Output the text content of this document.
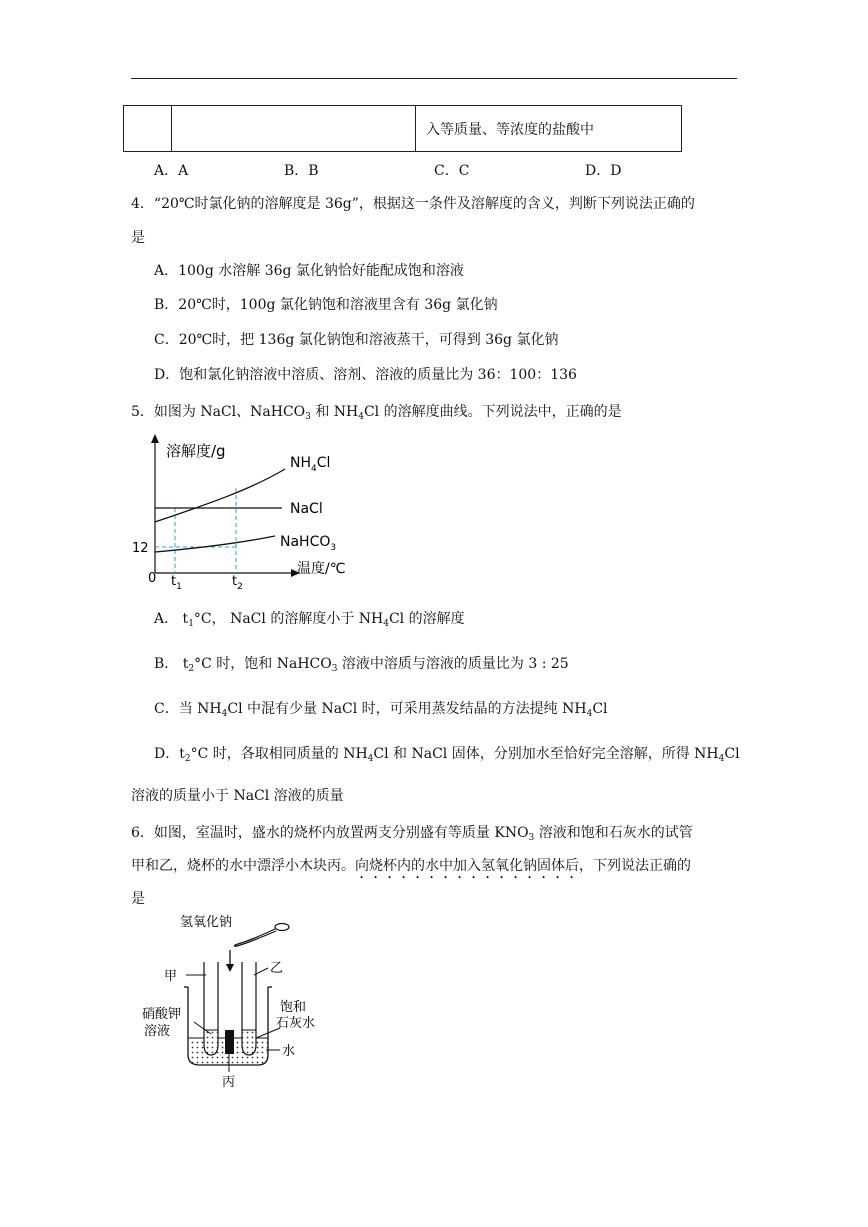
		入等质量、等浓度的盐酸中
A．A	B．B	C．C	D．D
4．“20℃时氯化钠的溶解度是 36g”，根据这一条件及溶解度的含义，判断下列说法正确的
是
A．100g 水溶解 36g 氯化钠恰好能配成饱和溶液
B．20℃时，100g 氯化钠饱和溶液里含有 36g 氯化钠
C．20℃时，把 136g 氯化钠饱和溶液蒸干，可得到 36g 氯化钠
D．饱和氯化钠溶液中溶质、溶剂、溶液的质量比为 36：100：136
5．如图为 NaCl、NaHCO$_3$ 和 $NH_4Cl$ 的溶解度曲线。下列说法中，正确的是
溶解度/g
温度/℃
0
12
$t_1$	$t_2$
$NH_4Cl$
NaCl
NaHCO$_3$
A． $t_1^\circ C$， NaCl 的溶解度小于 $NH_4Cl$ 的溶解度
B． $t_2^\circ C$ 时，饱和 NaHCO$_3$ 溶液中溶质与溶液的质量比为 3 : 25
C．当 $NH_4Cl$ 中混有少量 NaCl 时，可采用蒸发结晶的方法提纯 $NH_4Cl$
D．$t_2^\circ C$ 时，各取相同质量的 $NH_4Cl$ 和 NaCl 固体，分别加水至恰好完全溶解，所得 $NH_4Cl$
溶液的质量小于 NaCl 溶液的质量
6．如图，室温时，盛水的烧杯内放置两支分别盛有等质量 $KNO_3$ 溶液和饱和石灰水的试管
甲和乙，烧杯的水中漂浮小木块丙。向烧杯内的水中加入氢氧化钠固体后，下列说法正确的
是
氢氧化钠
甲
乙
饱和
石灰水
硝酸钾
溶液
水
丙
